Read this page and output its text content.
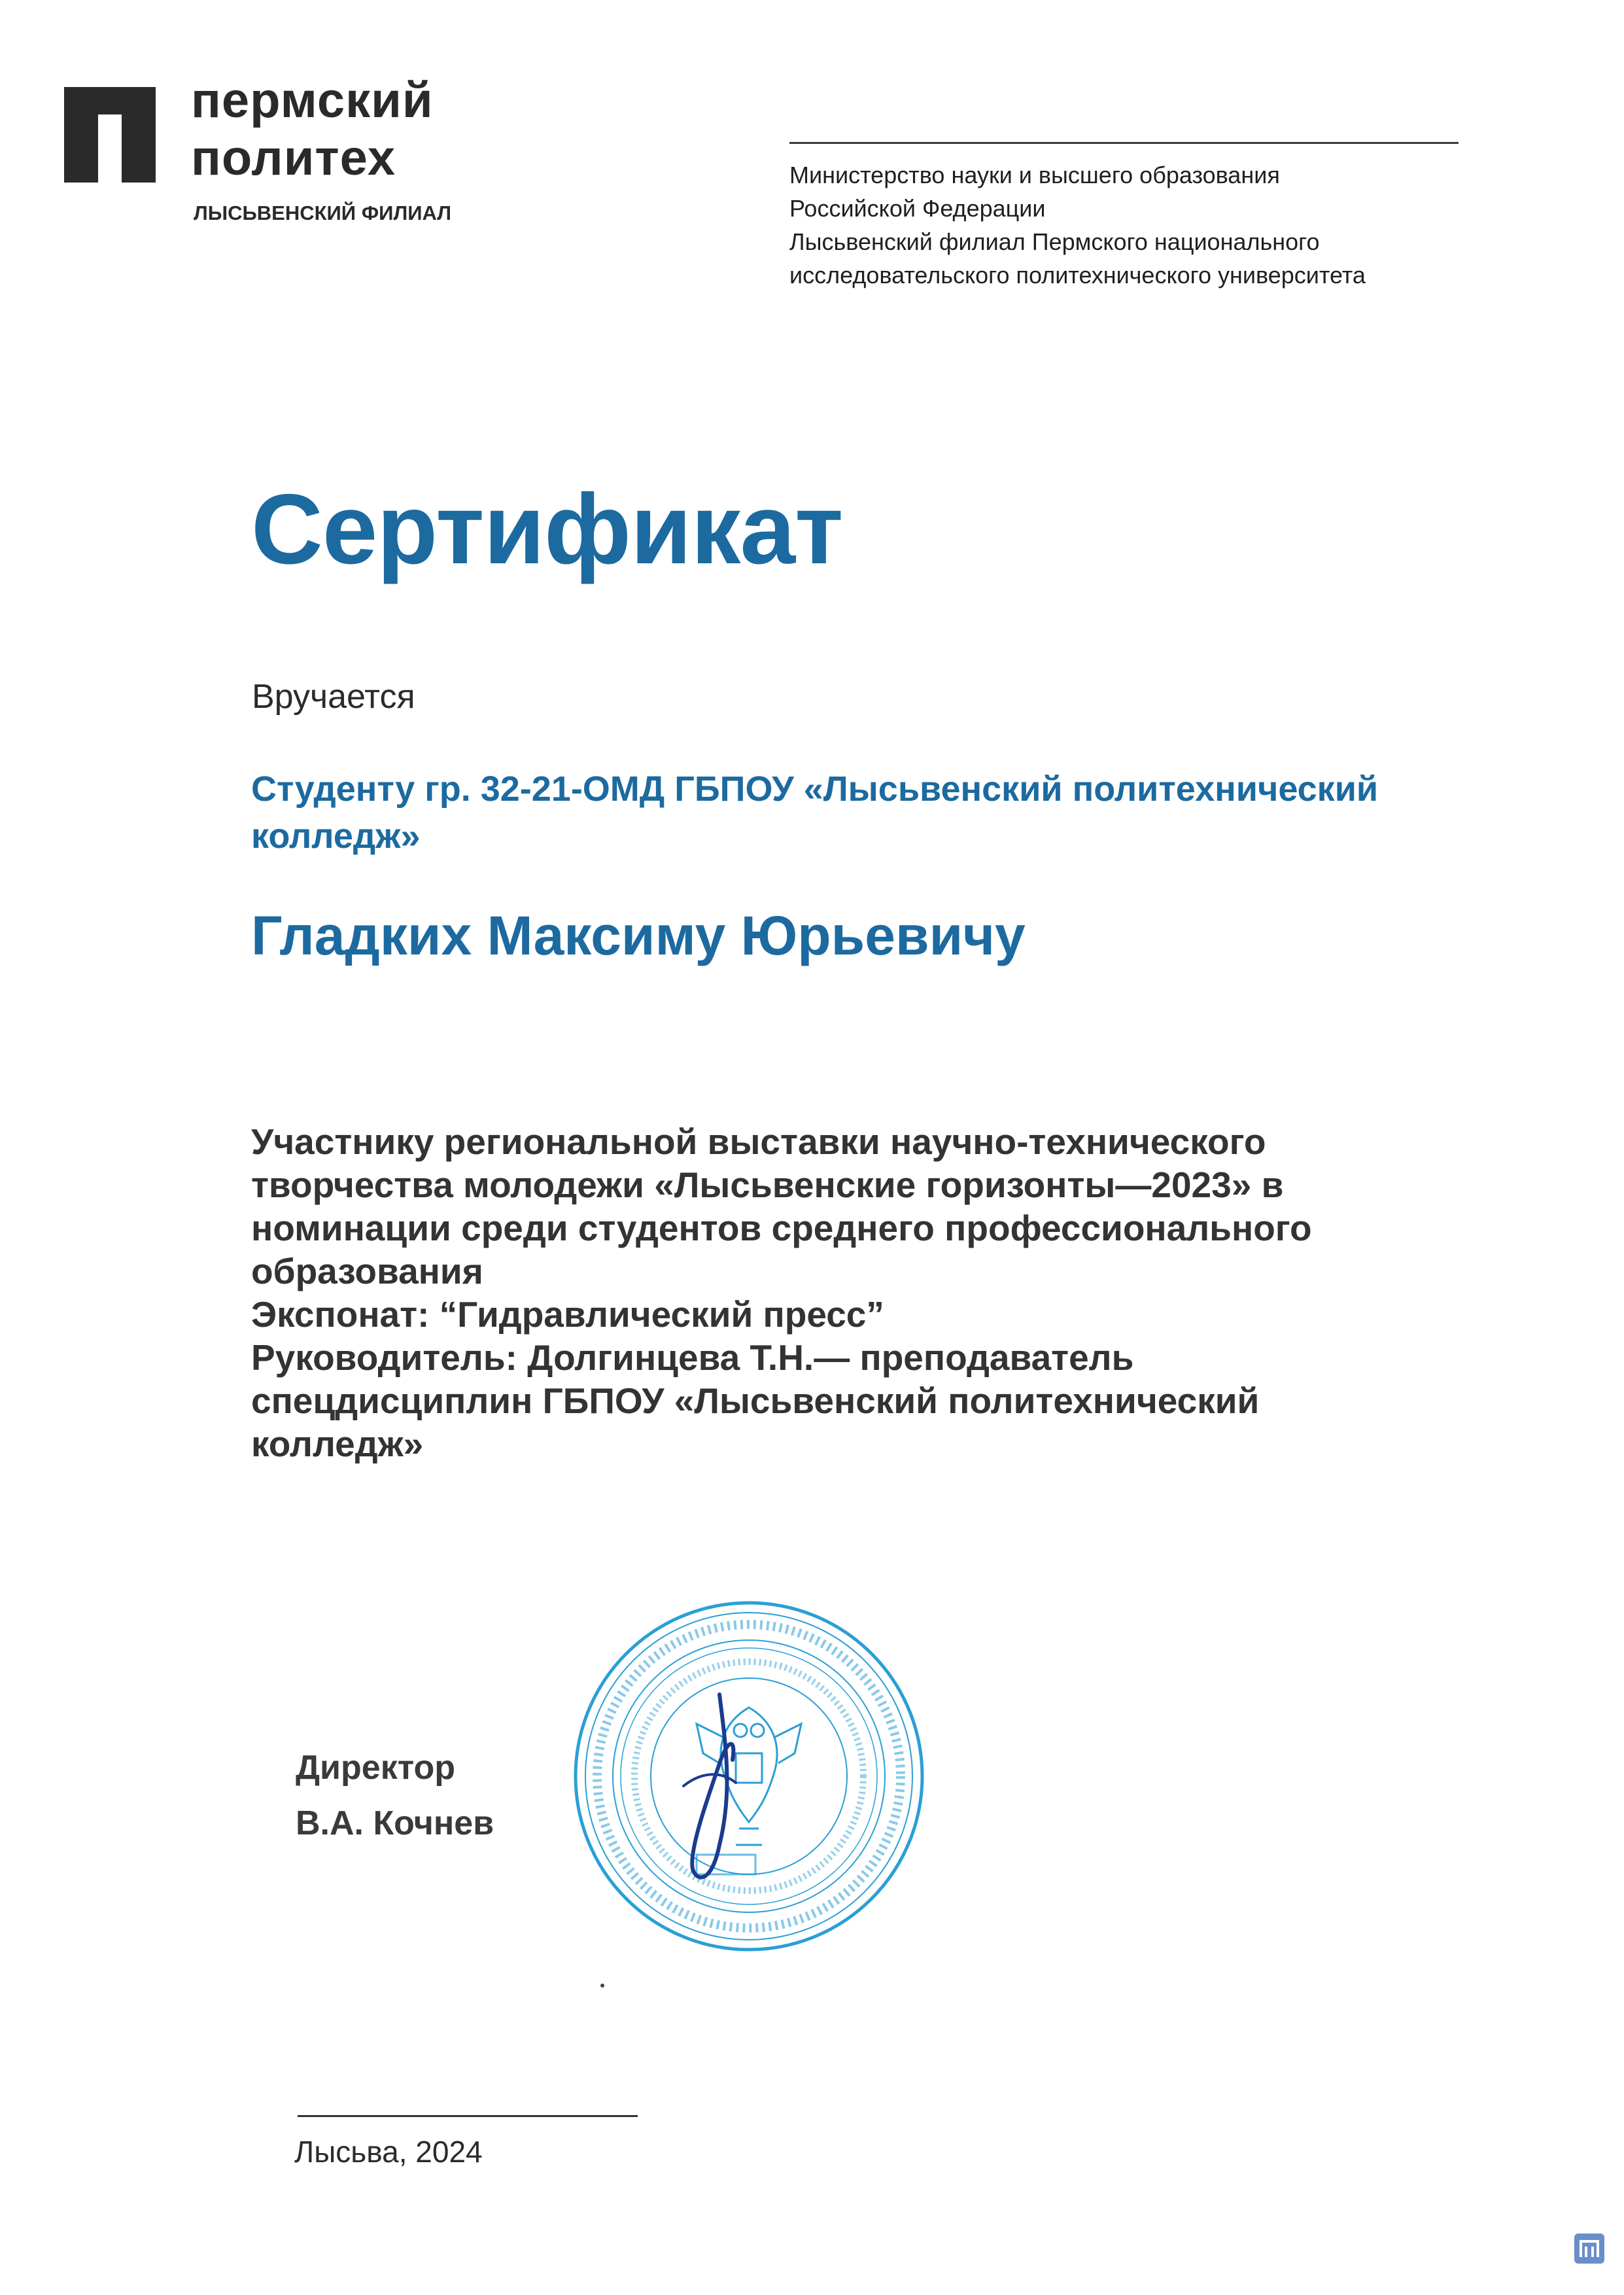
пермский
политех
ЛЫСЬВЕНСКИЙ ФИЛИАЛ
Министерство науки и высшего образования
Российской Федерации
Лысьвенский филиал Пермского национального
исследовательского политехнического университета
Сертификат
Вручается
Студенту гр. 32-21-ОМД ГБПОУ «Лысьвенский политехнический
колледж»
Гладких Максиму Юрьевичу
Участнику региональной выставки научно-технического
творчества молодежи «Лысьвенские горизонты—2023» в
номинации среди студентов среднего профессионального
образования
Экспонат: “Гидравлический пресс”
Руководитель: Долгинцева Т.Н.— преподаватель
спецдисциплин ГБПОУ «Лысьвенский политехнический
колледж»
Директор
В.А. Кочнев
Лысьва, 2024
